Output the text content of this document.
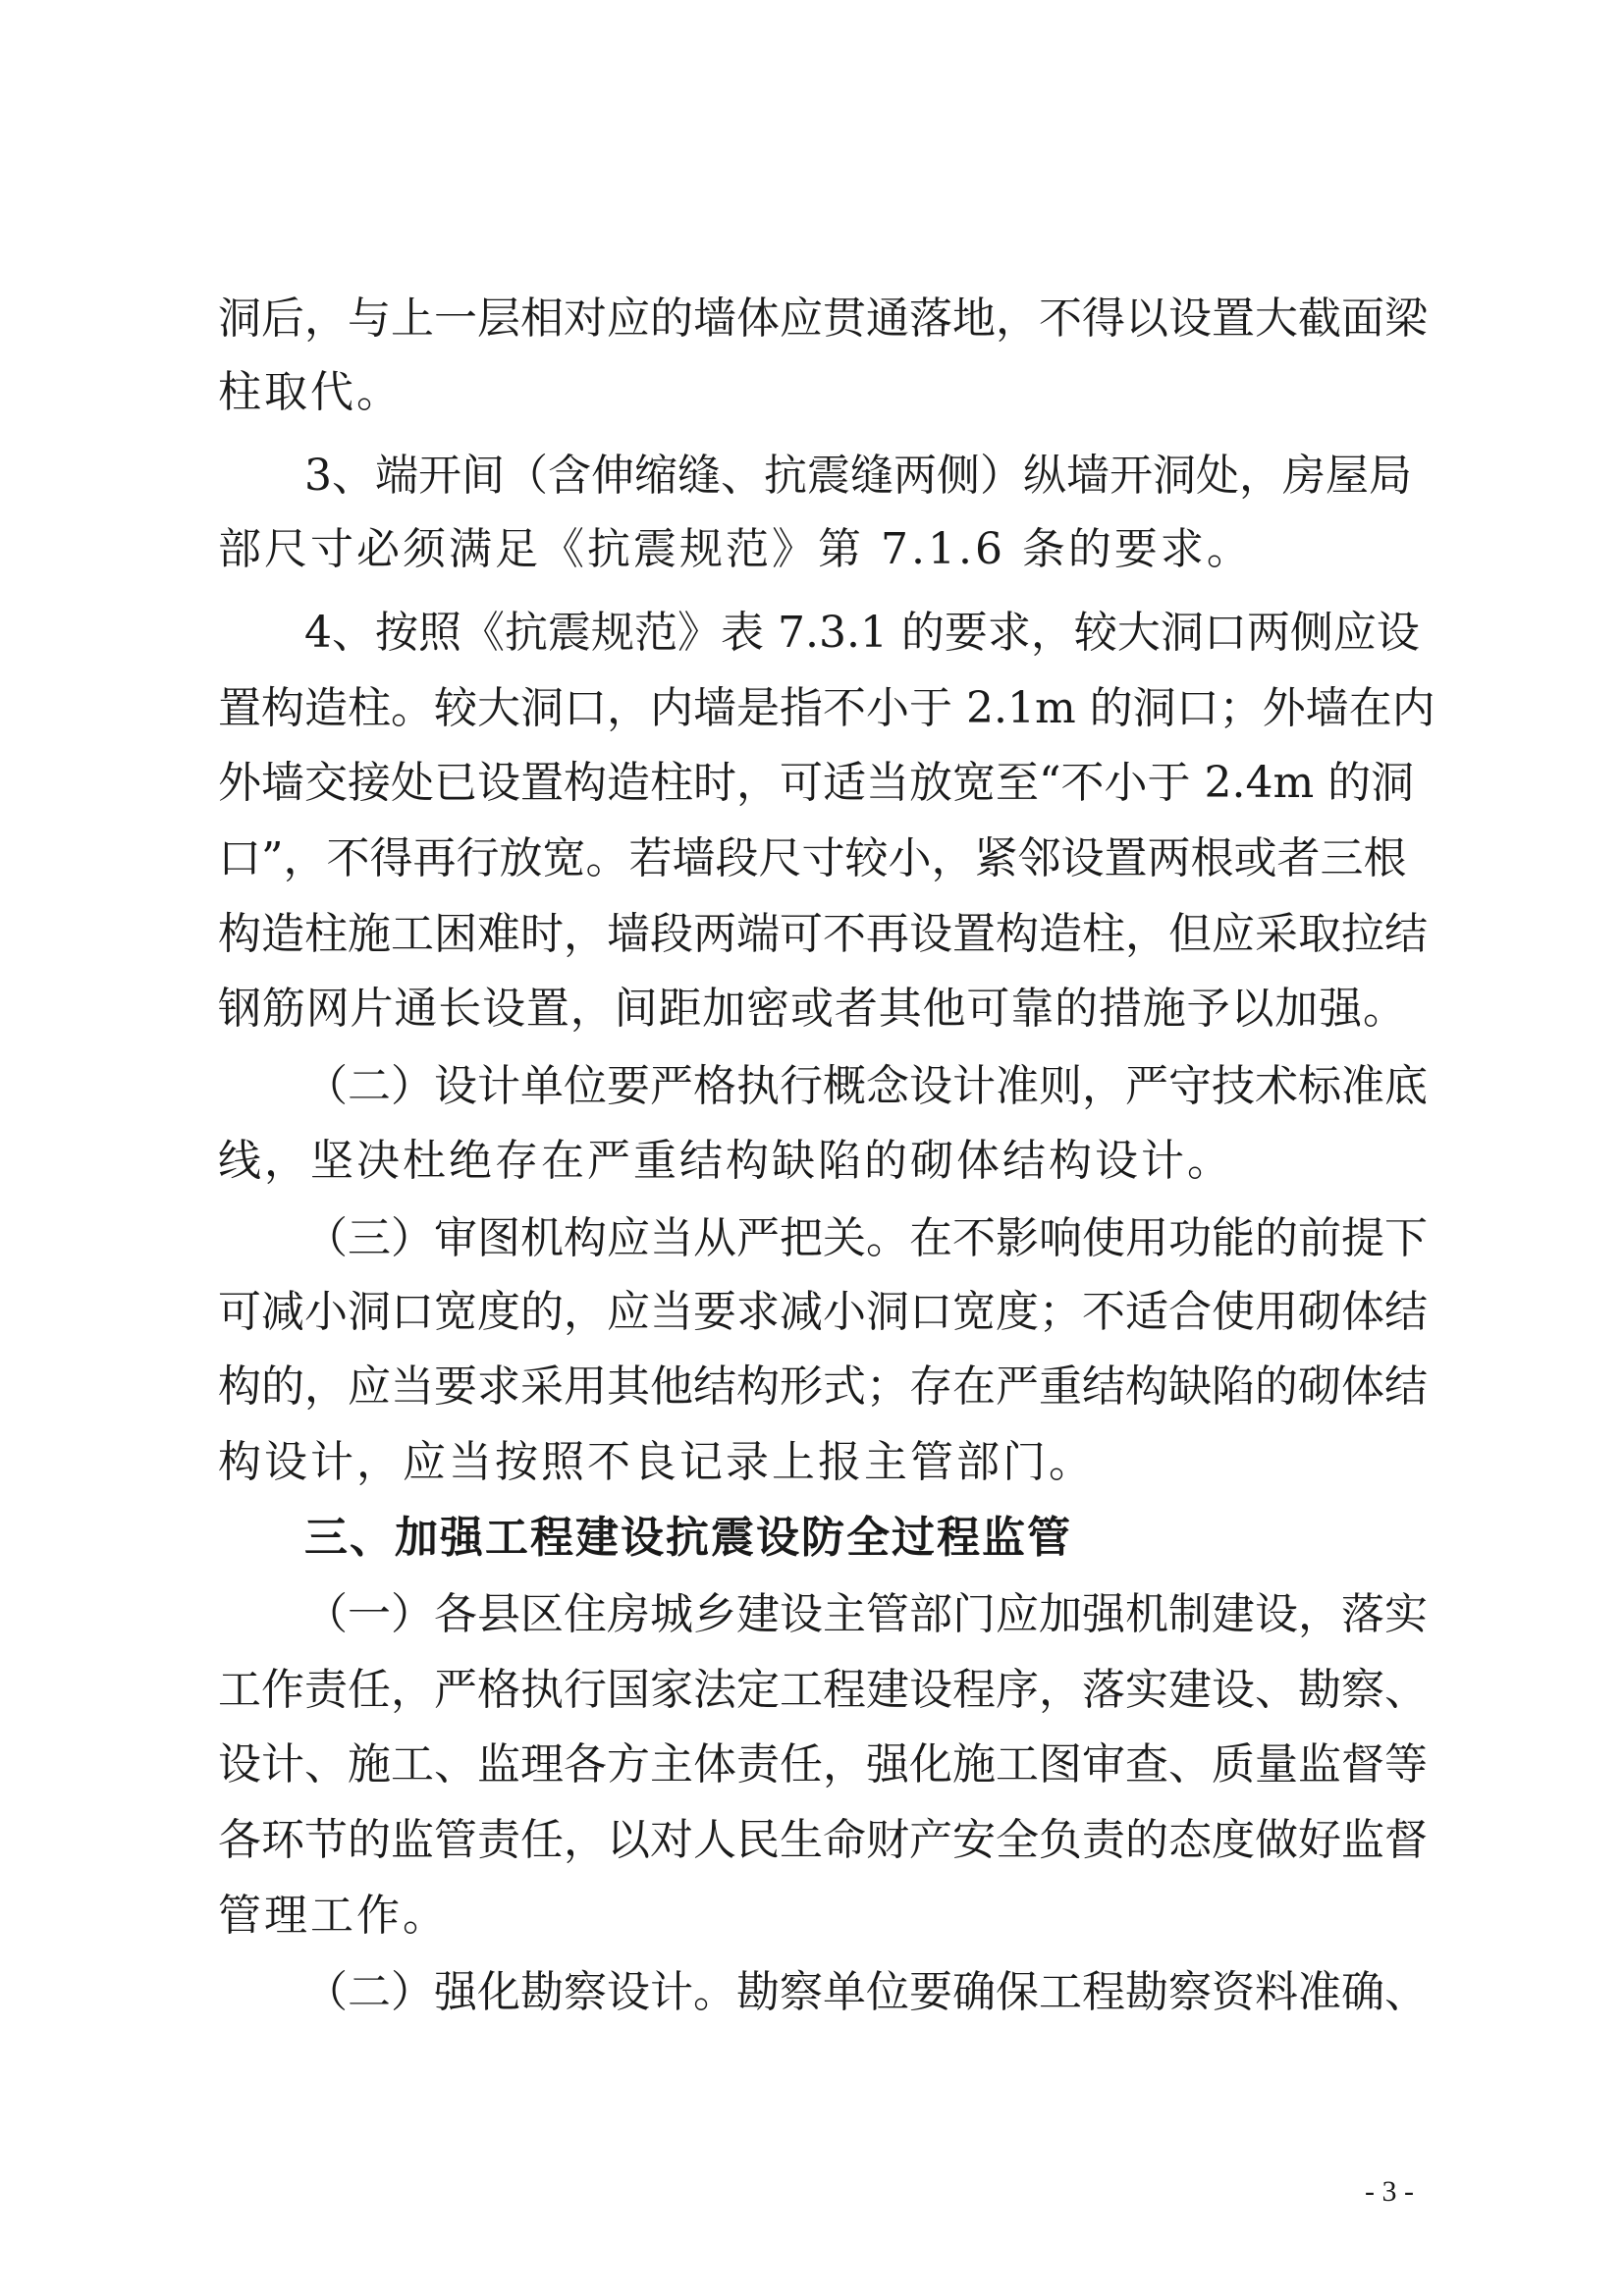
洞后，与上一层相对应的墙体应贯通落地，不得以设置大截面梁
柱取代。
3、端开间（含伸缩缝、抗震缝两侧）纵墙开洞处，房屋局
部尺寸必须满足《抗震规范》第 7.1.6 条的要求。
4、按照《抗震规范》表 7.3.1 的要求，较大洞口两侧应设
置构造柱。较大洞口，内墙是指不小于 2.1m 的洞口；外墙在内
外墙交接处已设置构造柱时，可适当放宽至“不小于 2.4m 的洞
口”，不得再行放宽。若墙段尺寸较小，紧邻设置两根或者三根
构造柱施工困难时，墙段两端可不再设置构造柱，但应采取拉结
钢筋网片通长设置，间距加密或者其他可靠的措施予以加强。
（二）设计单位要严格执行概念设计准则，严守技术标准底
线，坚决杜绝存在严重结构缺陷的砌体结构设计。
（三）审图机构应当从严把关。在不影响使用功能的前提下
可减小洞口宽度的，应当要求减小洞口宽度；不适合使用砌体结
构的，应当要求采用其他结构形式；存在严重结构缺陷的砌体结
构设计，应当按照不良记录上报主管部门。
三、加强工程建设抗震设防全过程监管
（一）各县区住房城乡建设主管部门应加强机制建设，落实
工作责任，严格执行国家法定工程建设程序，落实建设、勘察、
设计、施工、监理各方主体责任，强化施工图审查、质量监督等
各环节的监管责任，以对人民生命财产安全负责的态度做好监督
管理工作。
（二）强化勘察设计。勘察单位要确保工程勘察资料准确、
- 3 -
